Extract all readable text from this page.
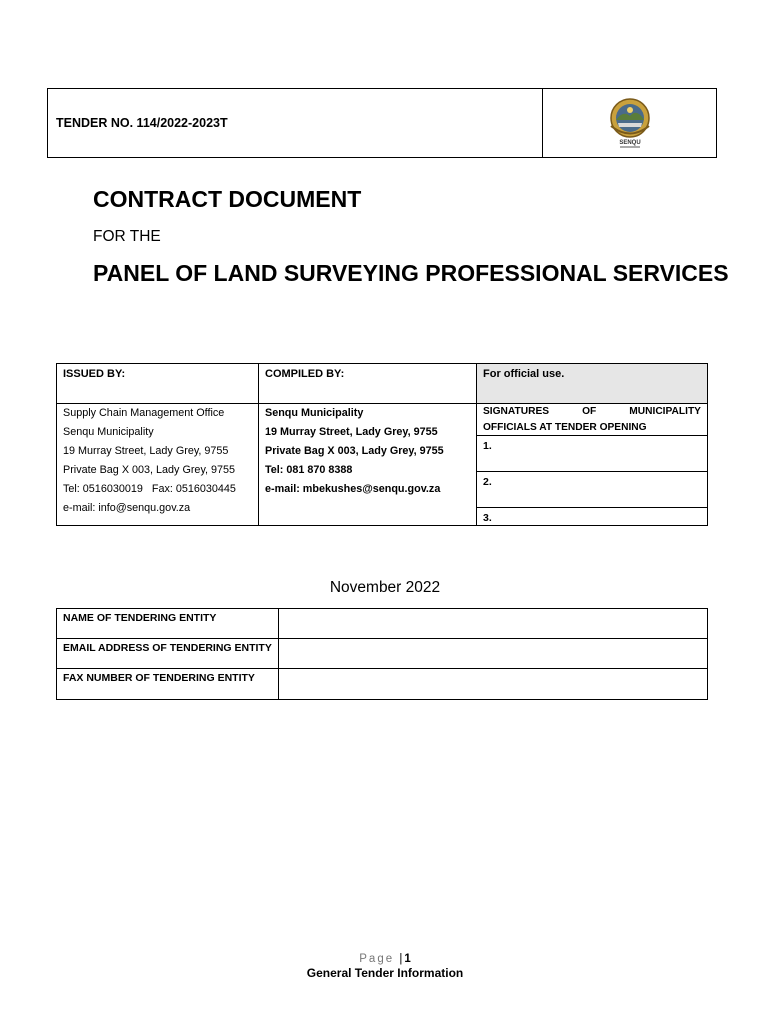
TENDER NO. 114/2022-2023T
SENQU
CONTRACT DOCUMENT
FOR THE
PANEL OF LAND SURVEYING PROFESSIONAL SERVICES
ISSUED BY:
Supply Chain Management Office
Senqu Municipality
19 Murray Street, Lady Grey, 9755
Private Bag X 003, Lady Grey, 9755
Tel: 0516030019   Fax: 0516030445
e-mail: info@senqu.gov.za
COMPILED BY:
Senqu Municipality
19 Murray Street, Lady Grey, 9755
Private Bag X 003, Lady Grey, 9755
Tel: 081 870 8388
e-mail: mbekushes@senqu.gov.za
For official use.
SIGNATURES	OF	MUNICIPALITY
OFFICIALS AT TENDER OPENING
1.
2.
3.
November 2022
NAME OF TENDERING ENTITY
EMAIL ADDRESS OF TENDERING ENTITY
FAX NUMBER OF TENDERING ENTITY
Page |1
General Tender Information
